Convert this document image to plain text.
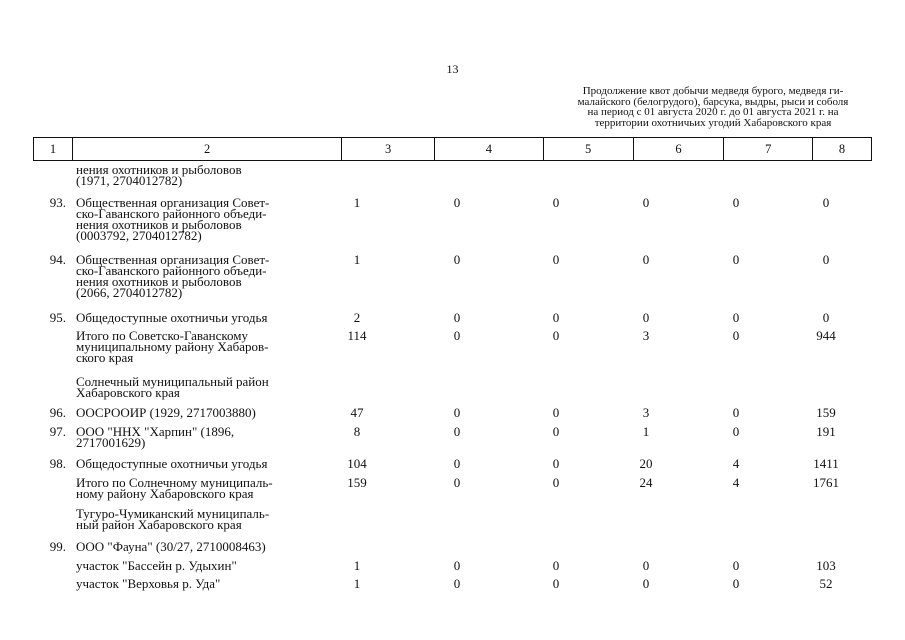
13
Продолжение квот добычи медведя бурого, медведя ги-
малайского (белогрудого), барсука, выдры, рыси и соболя
на период с 01 августа 2020 г. до 01 августа 2021 г. на
территории охотничьих угодий Хабаровского края
1	2	3	4	5	6	7	8
нения охотников и рыболовов
(1971, 2704012782)
93. Общественная организация Совет-
ско-Гаванского районного объеди-
нения охотников и рыболовов
(0003792, 2704012782)
1	0	0	0	0	0
94. Общественная организация Совет-
ско-Гаванского районного объеди-
нения охотников и рыболовов
(2066, 2704012782)
1	0	0	0	0	0
95. Общедоступные охотничьи угодья	2	0	0	0	0	0
Итого по Советско-Гаванскому
муниципальному району Хабаров-
ского края
114	0	0	3	0	944
Солнечный муниципальный район
Хабаровского края
96. ООСРООИР (1929, 2717003880)	47	0	0	3	0	159
97. ООО "ННХ "Харпин" (1896,
2717001629)
8	0	0	1	0	191
98. Общедоступные охотничьи угодья	104	0	0	20	4	1411
Итого по Солнечному муниципаль-
ному району Хабаровского края
159	0	0	24	4	1761
Тугуро-Чумиканский муниципаль-
ный район Хабаровского края
99. ООО "Фауна" (30/27, 2710008463)
участок "Бассейн р. Удыхин"	1	0	0	0	0	103
участок "Верховья р. Уда"	1	0	0	0	0	52
